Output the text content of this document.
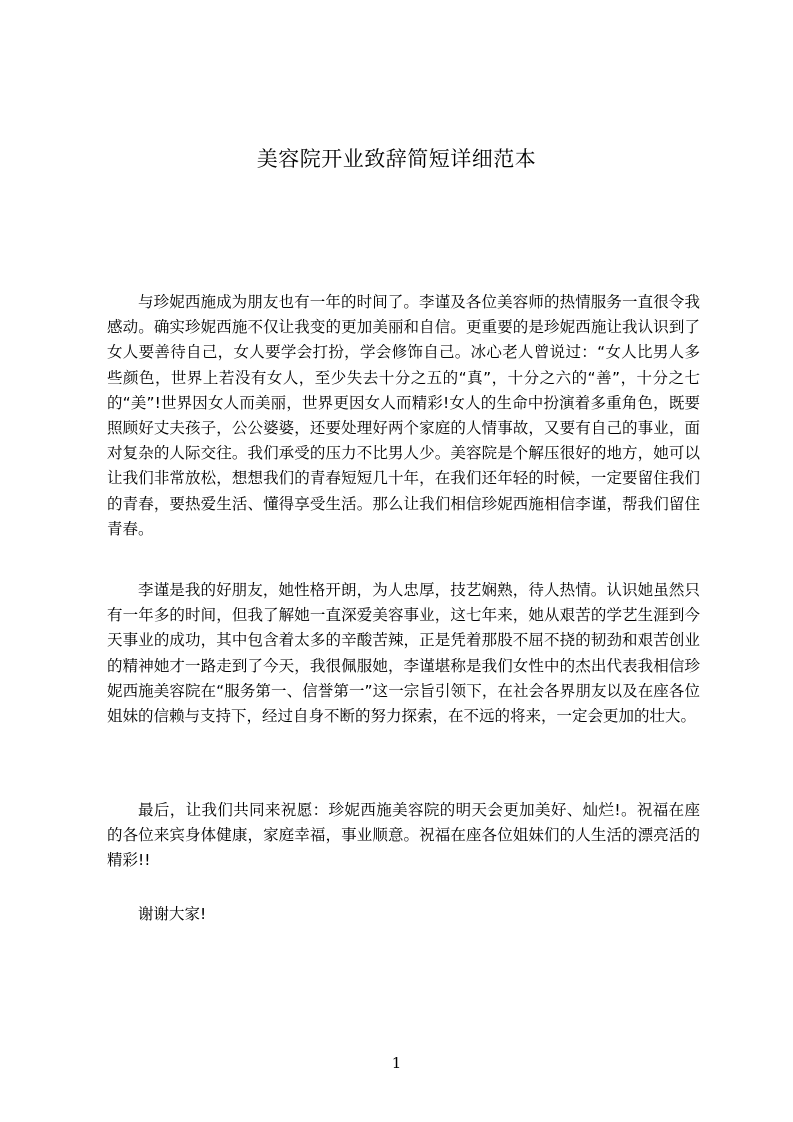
美容院开业致辞简短详细范本
与珍妮西施成为朋友也有一年的时间了。李谨及各位美容师的热情服务一直很令我感动。确实珍妮西施不仅让我变的更加美丽和自信。更重要的是珍妮西施让我认识到了女人要善待自己，女人要学会打扮，学会修饰自己。冰心老人曾说过：“女人比男人多些颜色，世界上若没有女人，至少失去十分之五的“真”，十分之六的“善”，十分之七的“美”!世界因女人而美丽，世界更因女人而精彩!女人的生命中扮演着多重角色，既要照顾好丈夫孩子，公公婆婆，还要处理好两个家庭的人情事故，又要有自己的事业，面对复杂的人际交往。我们承受的压力不比男人少。美容院是个解压很好的地方，她可以让我们非常放松，想想我们的青春短短几十年，在我们还年轻的时候，一定要留住我们的青春，要热爱生活、懂得享受生活。那么让我们相信珍妮西施相信李谨，帮我们留住青春。
李谨是我的好朋友，她性格开朗，为人忠厚，技艺娴熟，待人热情。认识她虽然只有一年多的时间，但我了解她一直深爱美容事业，这七年来，她从艰苦的学艺生涯到今天事业的成功，其中包含着太多的辛酸苦辣，正是凭着那股不屈不挠的韧劲和艰苦创业的精神她才一路走到了今天，我很佩服她，李谨堪称是我们女性中的杰出代表我相信珍妮西施美容院在“服务第一、信誉第一”这一宗旨引领下，在社会各界朋友以及在座各位姐妹的信赖与支持下，经过自身不断的努力探索，在不远的将来，一定会更加的壮大。
最后，让我们共同来祝愿：珍妮西施美容院的明天会更加美好、灿烂!。祝福在座的各位来宾身体健康，家庭幸福，事业顺意。祝福在座各位姐妹们的人生活的漂亮活的精彩!!
谢谢大家!
1
